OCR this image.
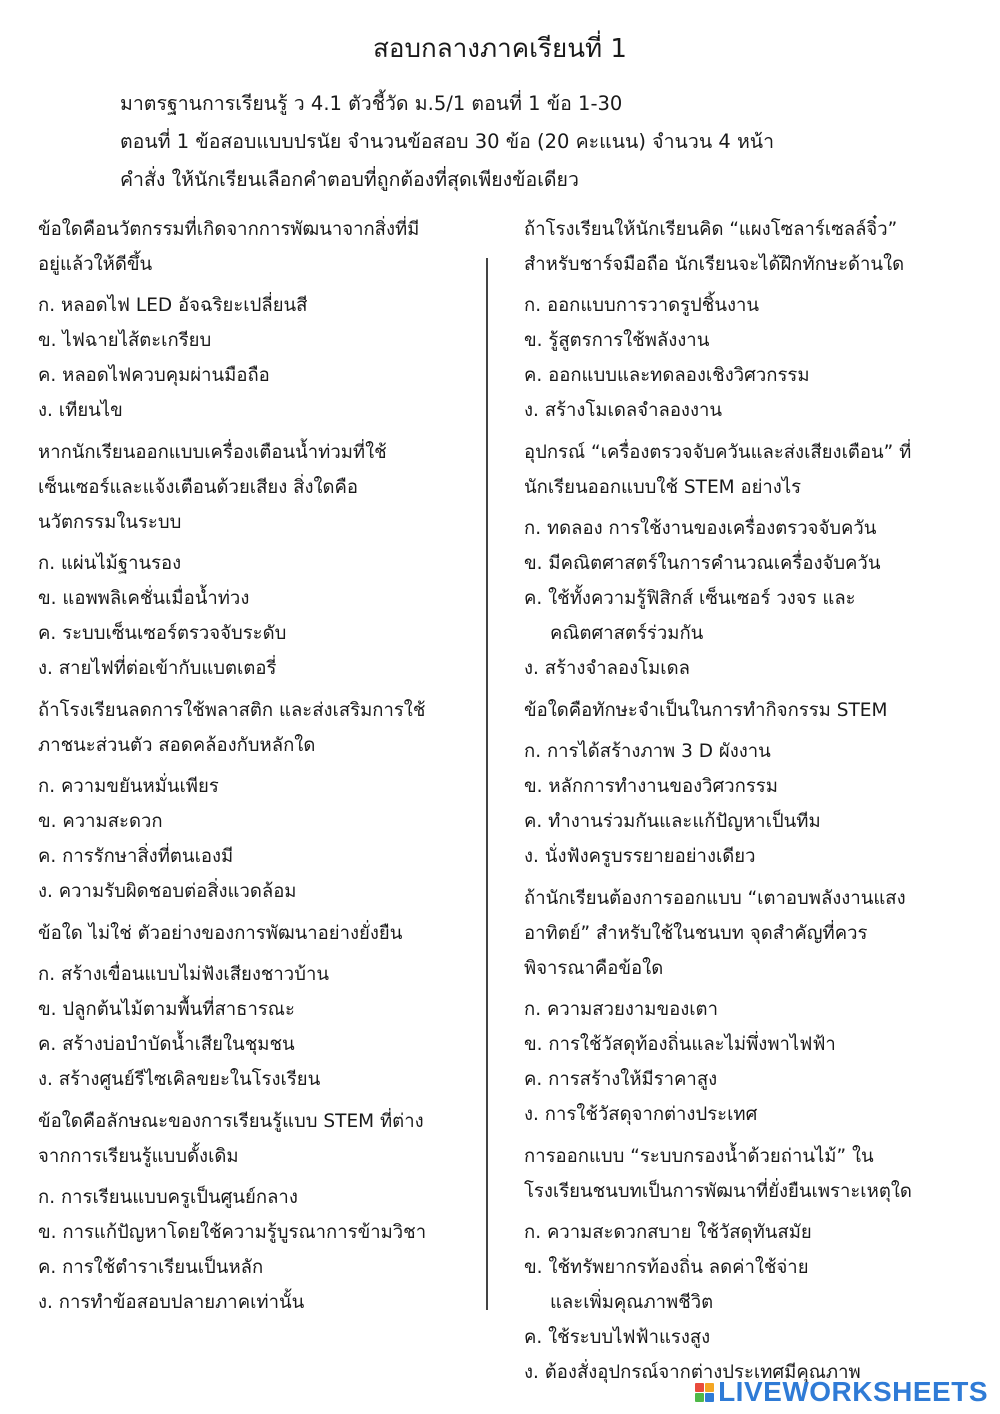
สอบกลางภาคเรียนที่ 1
มาตรฐานการเรียนรู้ ว 4.1 ตัวชี้วัด ม.5/1 ตอนที่ 1 ข้อ 1-30
ตอนที่ 1 ข้อสอบแบบปรนัย จำนวนข้อสอบ 30 ข้อ (20 คะแนน) จำนวน 4 หน้า
คำสั่ง ให้นักเรียนเลือกคำตอบที่ถูกต้องที่สุดเพียงข้อเดียว
ข้อใดคือนวัตกรรมที่เกิดจากการพัฒนาจากสิ่งที่มี
อยู่แล้วให้ดีขึ้น
ก. หลอดไฟ LED อัจฉริยะเปลี่ยนสี
ข. ไฟฉายไส้ตะเกรียบ
ค. หลอดไฟควบคุมผ่านมือถือ
ง. เทียนไข
หากนักเรียนออกแบบเครื่องเตือนน้ำท่วมที่ใช้
เซ็นเซอร์และแจ้งเตือนด้วยเสียง สิ่งใดคือ
นวัตกรรมในระบบ
ก. แผ่นไม้ฐานรอง
ข. แอพพลิเคชั่นเมื่อน้ำท่วง
ค. ระบบเซ็นเซอร์ตรวจจับระดับ
ง. สายไฟที่ต่อเข้ากับแบตเตอรี่
ถ้าโรงเรียนลดการใช้พลาสติก และส่งเสริมการใช้
ภาชนะส่วนตัว สอดคล้องกับหลักใด
ก. ความขยันหมั่นเพียร
ข. ความสะดวก
ค. การรักษาสิ่งที่ตนเองมี
ง. ความรับผิดชอบต่อสิ่งแวดล้อม
ข้อใด ไม่ใช่ ตัวอย่างของการพัฒนาอย่างยั่งยืน
ก. สร้างเขื่อนแบบไม่ฟังเสียงชาวบ้าน
ข. ปลูกต้นไม้ตามพื้นที่สาธารณะ
ค. สร้างบ่อบำบัดน้ำเสียในชุมชน
ง. สร้างศูนย์รีไซเคิลขยะในโรงเรียน
ข้อใดคือลักษณะของการเรียนรู้แบบ STEM ที่ต่าง
จากการเรียนรู้แบบดั้งเดิม
ก. การเรียนแบบครูเป็นศูนย์กลาง
ข. การแก้ปัญหาโดยใช้ความรู้บูรณาการข้ามวิชา
ค. การใช้ตำราเรียนเป็นหลัก
ง. การทำข้อสอบปลายภาคเท่านั้น
ถ้าโรงเรียนให้นักเรียนคิด “แผงโซลาร์เซลล์จิ๋ว”
สำหรับชาร์จมือถือ นักเรียนจะได้ฝึกทักษะด้านใด
ก. ออกแบบการวาดรูปชิ้นงาน
ข. รู้สูตรการใช้พลังงาน
ค. ออกแบบและทดลองเชิงวิศวกรรม
ง. สร้างโมเดลจำลองงาน
อุปกรณ์ “เครื่องตรวจจับควันและส่งเสียงเตือน” ที่
นักเรียนออกแบบใช้ STEM อย่างไร
ก. ทดลอง การใช้งานของเครื่องตรวจจับควัน
ข. มีคณิตศาสตร์ในการคำนวณเครื่องจับควัน
ค. ใช้ทั้งความรู้ฟิสิกส์ เซ็นเซอร์ วงจร และ
คณิตศาสตร์ร่วมกัน
ง. สร้างจำลองโมเดล
ข้อใดคือทักษะจำเป็นในการทำกิจกรรม STEM
ก. การได้สร้างภาพ 3 D ผังงาน
ข. หลักการทำงานของวิศวกรรม
ค. ทำงานร่วมกันและแก้ปัญหาเป็นทีม
ง. นั่งฟังครูบรรยายอย่างเดียว
ถ้านักเรียนต้องการออกแบบ “เตาอบพลังงานแสง
อาทิตย์” สำหรับใช้ในชนบท จุดสำคัญที่ควร
พิจารณาคือข้อใด
ก. ความสวยงามของเตา
ข. การใช้วัสดุท้องถิ่นและไม่พึ่งพาไฟฟ้า
ค. การสร้างให้มีราคาสูง
ง. การใช้วัสดุจากต่างประเทศ
การออกแบบ “ระบบกรองน้ำด้วยถ่านไม้” ใน
โรงเรียนชนบทเป็นการพัฒนาที่ยั่งยืนเพราะเหตุใด
ก. ความสะดวกสบาย ใช้วัสดุทันสมัย
ข. ใช้ทรัพยากรท้องถิ่น ลดค่าใช้จ่าย
และเพิ่มคุณภาพชีวิต
ค. ใช้ระบบไฟฟ้าแรงสูง
ง. ต้องสั่งอุปกรณ์จากต่างประเทศมีคุณภาพ
LIVEWORKSHEETS
